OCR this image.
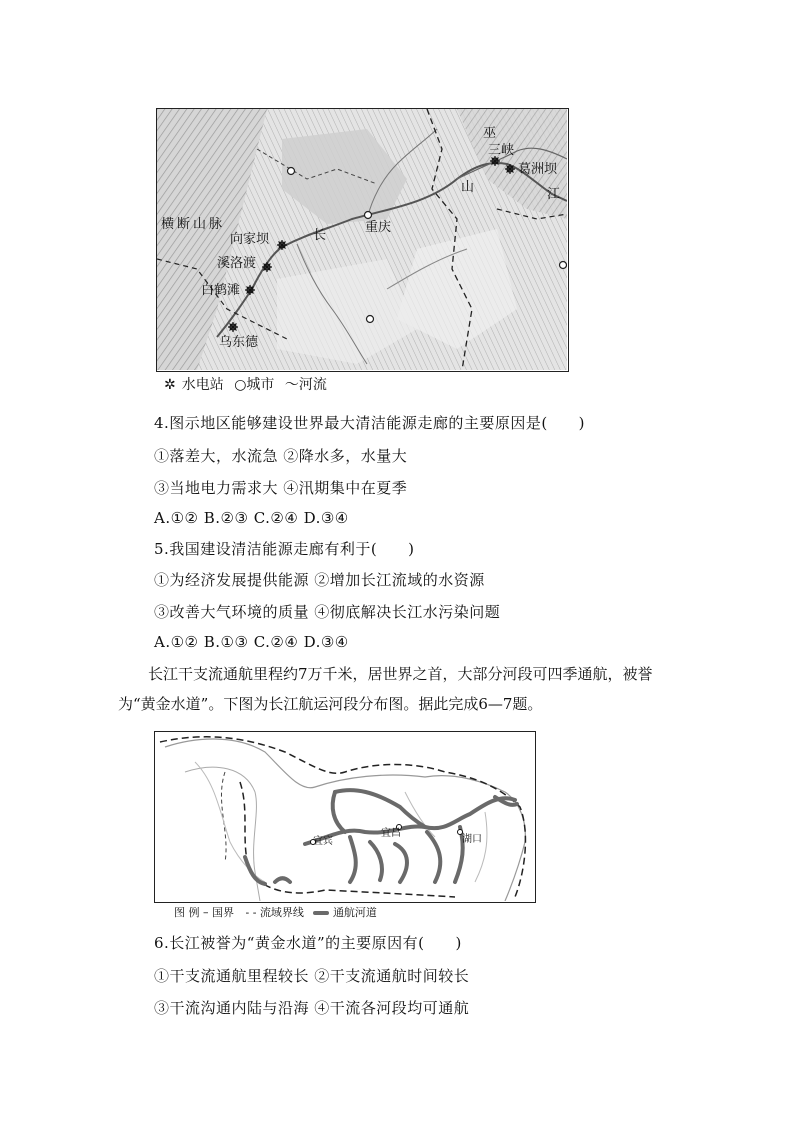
巫
三峡
葛洲坝
江
山
横断山脉
向家坝	长
重庆
溪洛渡
白鹤滩
乌东德
✲ 水电站 ○城市 〜河流
4.图示地区能够建设世界最大清洁能源走廊的主要原因是(　　)
①落差大，水流急 ②降水多，水量大
③当地电力需求大 ④汛期集中在夏季
A.①② B.②③ C.②④ D.③④
5.我国建设清洁能源走廊有利于(　　)
①为经济发展提供能源 ②增加长江流域的水资源
③改善大气环境的质量 ④彻底解决长江水污染问题
A.①② B.①③ C.②④ D.③④
长江干支流通航里程约7万千米，居世界之首，大部分河段可四季通航，被誉为“黄金水道”。下图为长江航运河段分布图。据此完成6—7题。
宜宾
宜昌
湖口
图 例 – 国界 - - 流域界线	通航河道
6.长江被誉为“黄金水道”的主要原因有(　　)
①干支流通航里程较长 ②干支流通航时间较长
③干流沟通内陆与沿海 ④干流各河段均可通航
